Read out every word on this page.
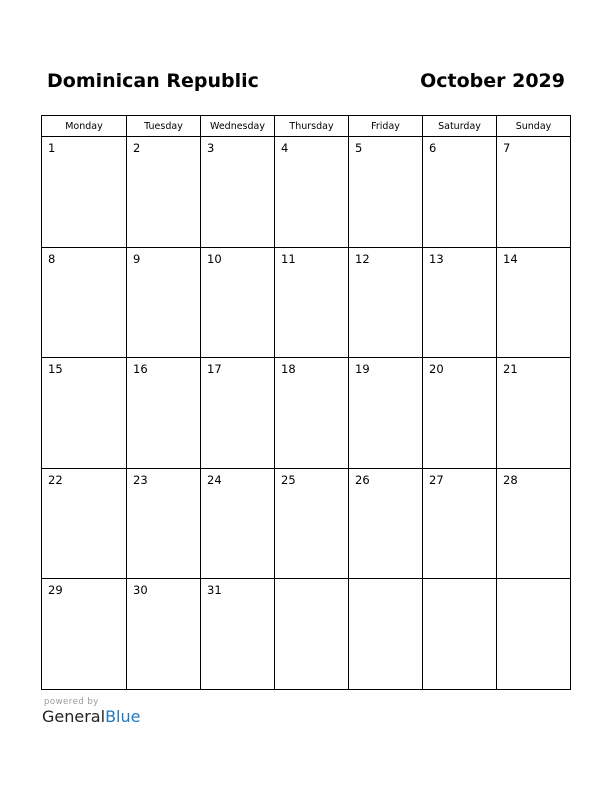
Dominican Republic	October 2029
Monday	Tuesday	Wednesday	Thursday	Friday	Saturday	Sunday

1	2	3	4	5	6	7

8	9	10	11	12	13	14

15	16	17	18	19	20	21

22	23	24	25	26	27	28

29	30	31				

powered by
GeneralBlue
